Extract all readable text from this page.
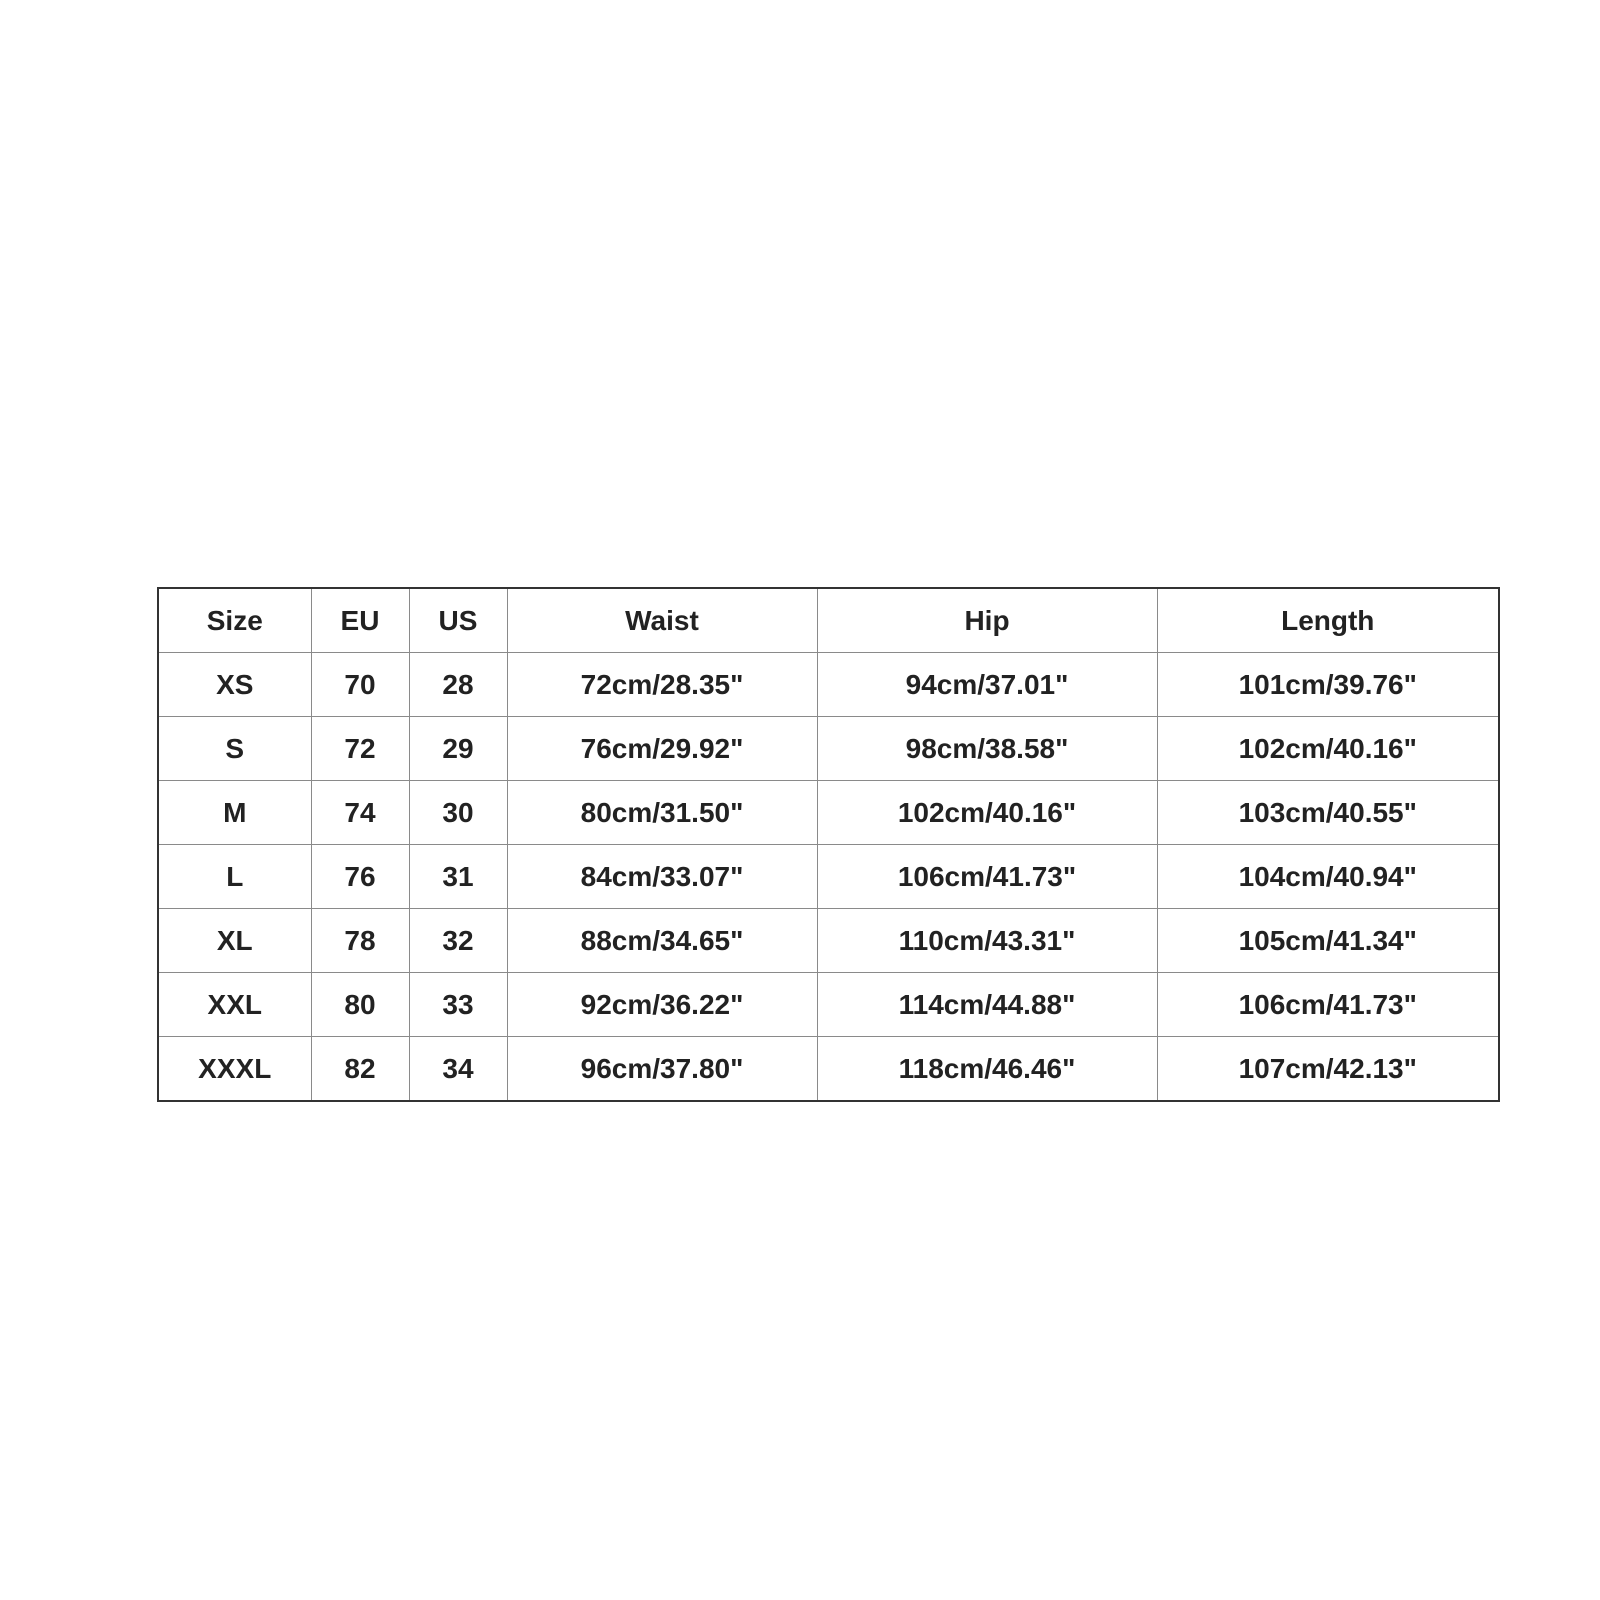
Size	EU	US	Waist	Hip	Length
XS	70	28	72cm/28.35"	94cm/37.01"	101cm/39.76"
S	72	29	76cm/29.92"	98cm/38.58"	102cm/40.16"
M	74	30	80cm/31.50"	102cm/40.16"	103cm/40.55"
L	76	31	84cm/33.07"	106cm/41.73"	104cm/40.94"
XL	78	32	88cm/34.65"	110cm/43.31"	105cm/41.34"
XXL	80	33	92cm/36.22"	114cm/44.88"	106cm/41.73"
XXXL	82	34	96cm/37.80"	118cm/46.46"	107cm/42.13"
